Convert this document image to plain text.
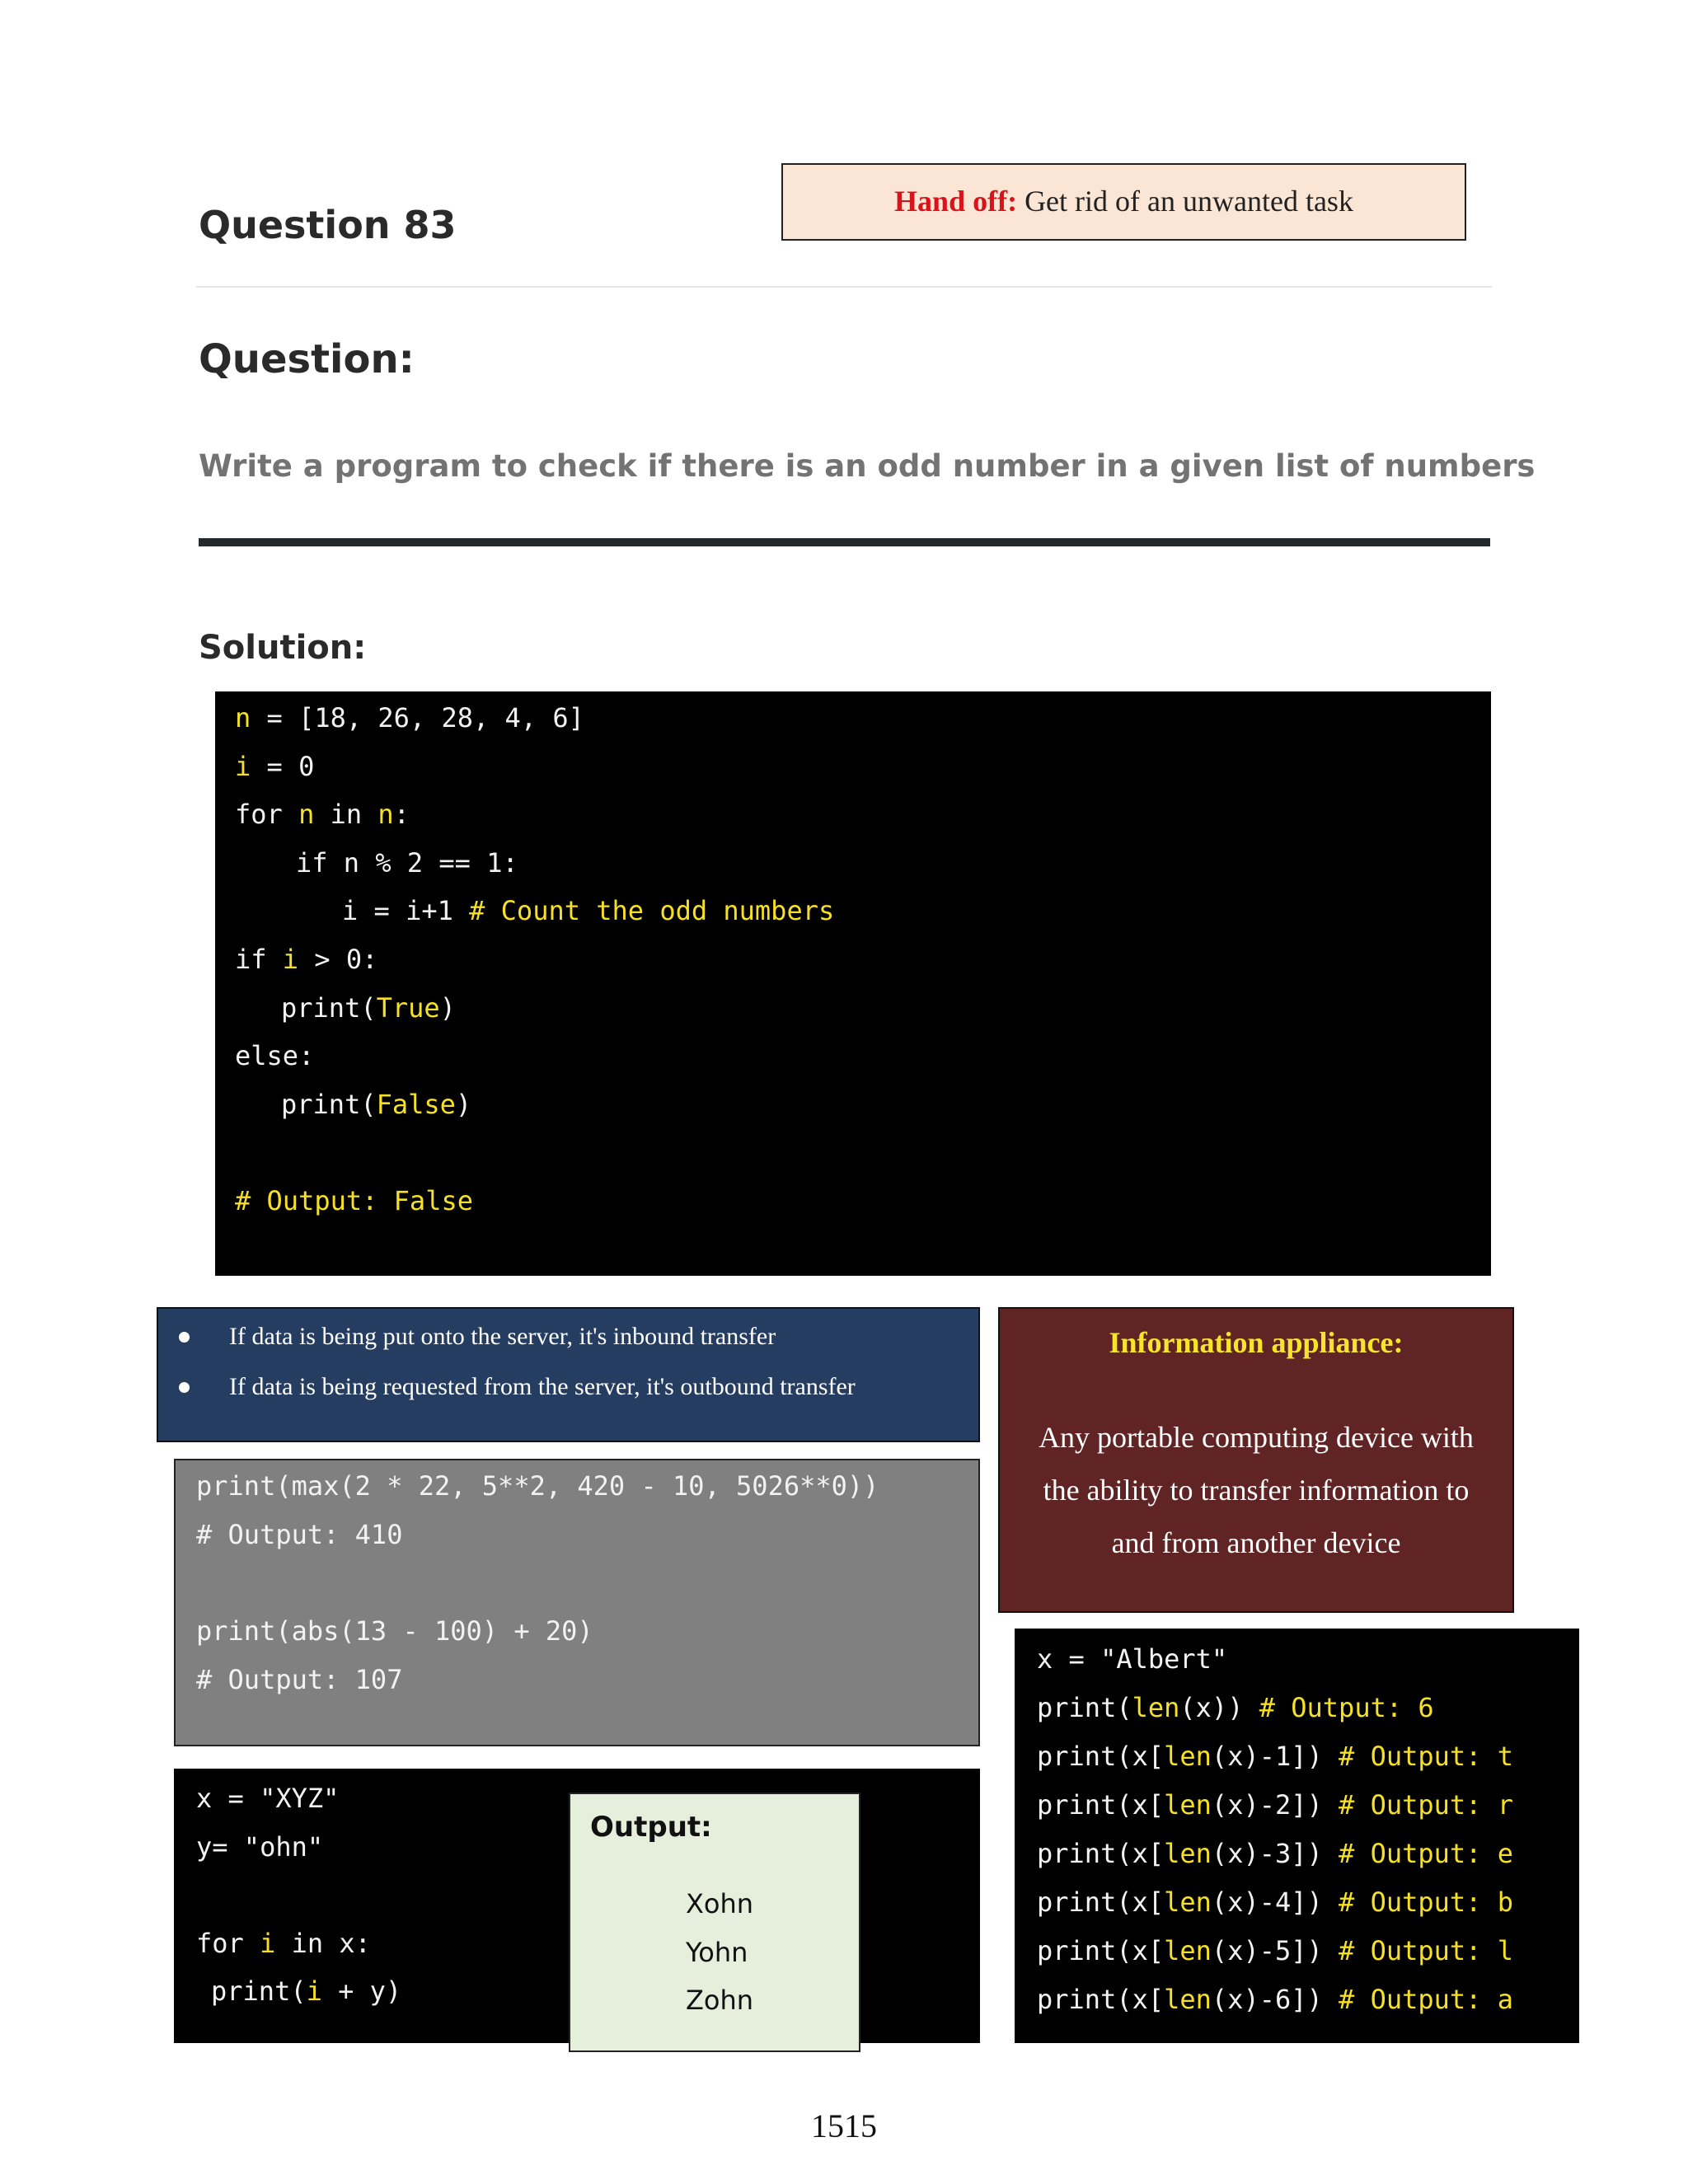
Hand off: Get rid of an unwanted task
Question 83
Question:
Write a program to check if there is an odd number in a given list of numbers
Solution:
n = [18, 26, 28, 4, 6]
i = 0
for n in n:
if n % 2 == 1:
i = i+1 # Count the odd numbers
if i > 0:
print(True)
else:
print(False)
# Output: False
If data is being put onto the server, it's inbound transfer
If data is being requested from the server, it's outbound transfer
Information appliance:
Any portable computing device with
the ability to transfer information to
and from another device
print(max(2 * 22, 5**2, 420 - 10, 5026**0))
# Output: 410
print(abs(13 - 100) + 20)
# Output: 107
x = "XYZ"
y= "ohn"
for i in x:
print(i + y)
Output:
Xohn
Yohn
Zohn
x = "Albert"
print(len(x)) # Output: 6
print(x[len(x)-1]) # Output: t
print(x[len(x)-2]) # Output: r
print(x[len(x)-3]) # Output: e
print(x[len(x)-4]) # Output: b
print(x[len(x)-5]) # Output: l
print(x[len(x)-6]) # Output: a
1515
